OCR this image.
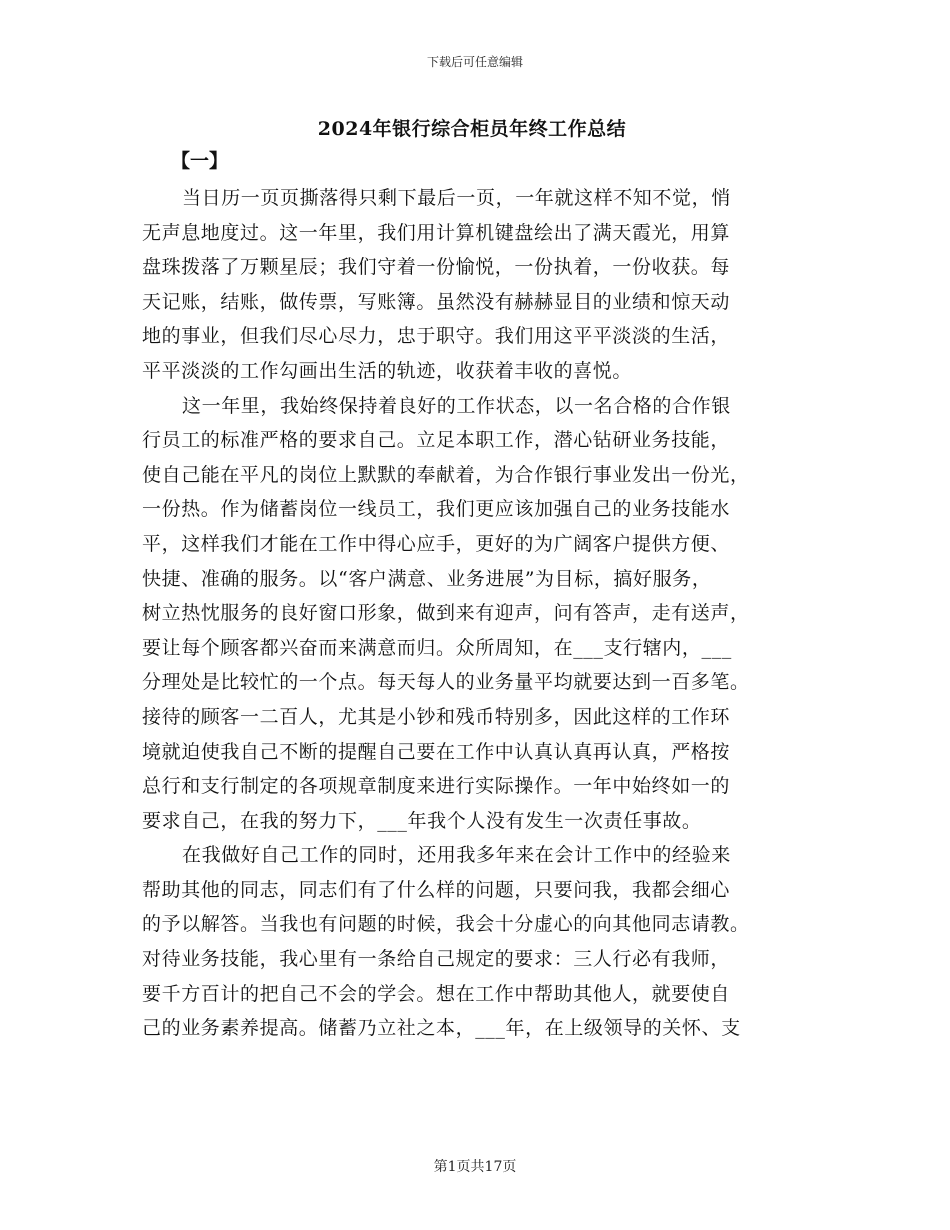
下载后可任意编辑
2024年银行综合柜员年终工作总结
【一】
当日历一页页撕落得只剩下最后一页，一年就这样不知不觉，悄
无声息地度过。这一年里，我们用计算机键盘绘出了满天霞光，用算
盘珠拨落了万颗星辰；我们守着一份愉悦，一份执着，一份收获。每
天记账，结账，做传票，写账簿。虽然没有赫赫显目的业绩和惊天动
地的事业，但我们尽心尽力，忠于职守。我们用这平平淡淡的生活，
平平淡淡的工作勾画出生活的轨迹，收获着丰收的喜悦。
这一年里，我始终保持着良好的工作状态，以一名合格的合作银
行员工的标准严格的要求自己。立足本职工作，潜心钻研业务技能，
使自己能在平凡的岗位上默默的奉献着，为合作银行事业发出一份光，
一份热。作为储蓄岗位一线员工，我们更应该加强自己的业务技能水
平，这样我们才能在工作中得心应手，更好的为广阔客户提供方便、
快捷、准确的服务。以“客户满意、业务进展”为目标，搞好服务，
树立热忱服务的良好窗口形象，做到来有迎声，问有答声，走有送声，
要让每个顾客都兴奋而来满意而归。众所周知，在___支行辖内，___
分理处是比较忙的一个点。每天每人的业务量平均就要达到一百多笔。
接待的顾客一二百人，尤其是小钞和残币特别多，因此这样的工作环
境就迫使我自己不断的提醒自己要在工作中认真认真再认真，严格按
总行和支行制定的各项规章制度来进行实际操作。一年中始终如一的
要求自己，在我的努力下，___年我个人没有发生一次责任事故。
在我做好自己工作的同时，还用我多年来在会计工作中的经验来
帮助其他的同志，同志们有了什么样的问题，只要问我，我都会细心
的予以解答。当我也有问题的时候，我会十分虚心的向其他同志请教。
对待业务技能，我心里有一条给自己规定的要求：三人行必有我师，
要千方百计的把自己不会的学会。想在工作中帮助其他人，就要使自
己的业务素养提高。储蓄乃立社之本，___年，在上级领导的关怀、支
第1页共17页
